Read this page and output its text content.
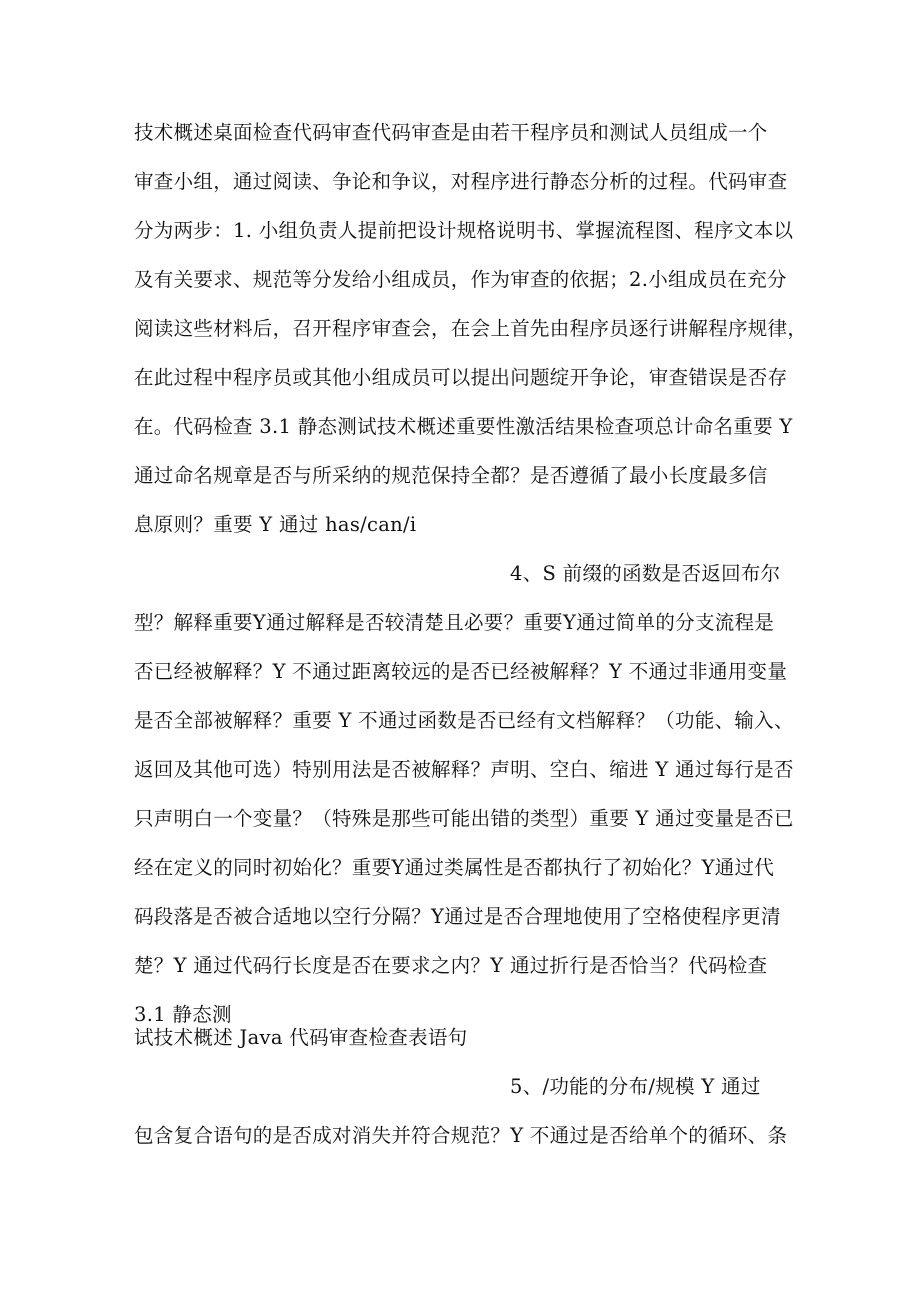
技术概述桌面检查代码审查代码审查是由若干程序员和测试人员组成一个
审查小组，通过阅读、争论和争议，对程序进行静态分析的过程。代码审查
分为两步：1. 小组负责人提前把设计规格说明书、掌握流程图、程序文本以
及有关要求、规范等分发给小组成员，作为审查的依据；2.小组成员在充分
阅读这些材料后，召开程序审查会，在会上首先由程序员逐行讲解程序规律，
在此过程中程序员或其他小组成员可以提出问题绽开争论，审查错误是否存
在。代码检查 3.1 静态测试技术概述重要性激活结果检查项总计命名重要 Y
通过命名规章是否与所采纳的规范保持全都？是否遵循了最小长度最多信
息原则？重要 Y 通过 has/can/i
4、S 前缀的函数是否返回布尔
型？解释重要Y通过解释是否较清楚且必要？重要Y通过简单的分支流程是
否已经被解释？Y 不通过距离较远的是否已经被解释？Y 不通过非通用变量
是否全部被解释？重要 Y 不通过函数是否已经有文档解释？（功能、输入、
返回及其他可选）特别用法是否被解释？声明、空白、缩进 Y 通过每行是否
只声明白一个变量？（特殊是那些可能出错的类型）重要 Y 通过变量是否已
经在定义的同时初始化？重要Y通过类属性是否都执行了初始化？Y通过代
码段落是否被合适地以空行分隔？Y通过是否合理地使用了空格使程序更清
楚？Y 通过代码行长度是否在要求之内？Y 通过折行是否恰当？代码检查
3.1 静态测
试技术概述 Java 代码审查检查表语句
5、/功能的分布/规模 Y 通过
包含复合语句的是否成对消失并符合规范？Y 不通过是否给单个的循环、条
